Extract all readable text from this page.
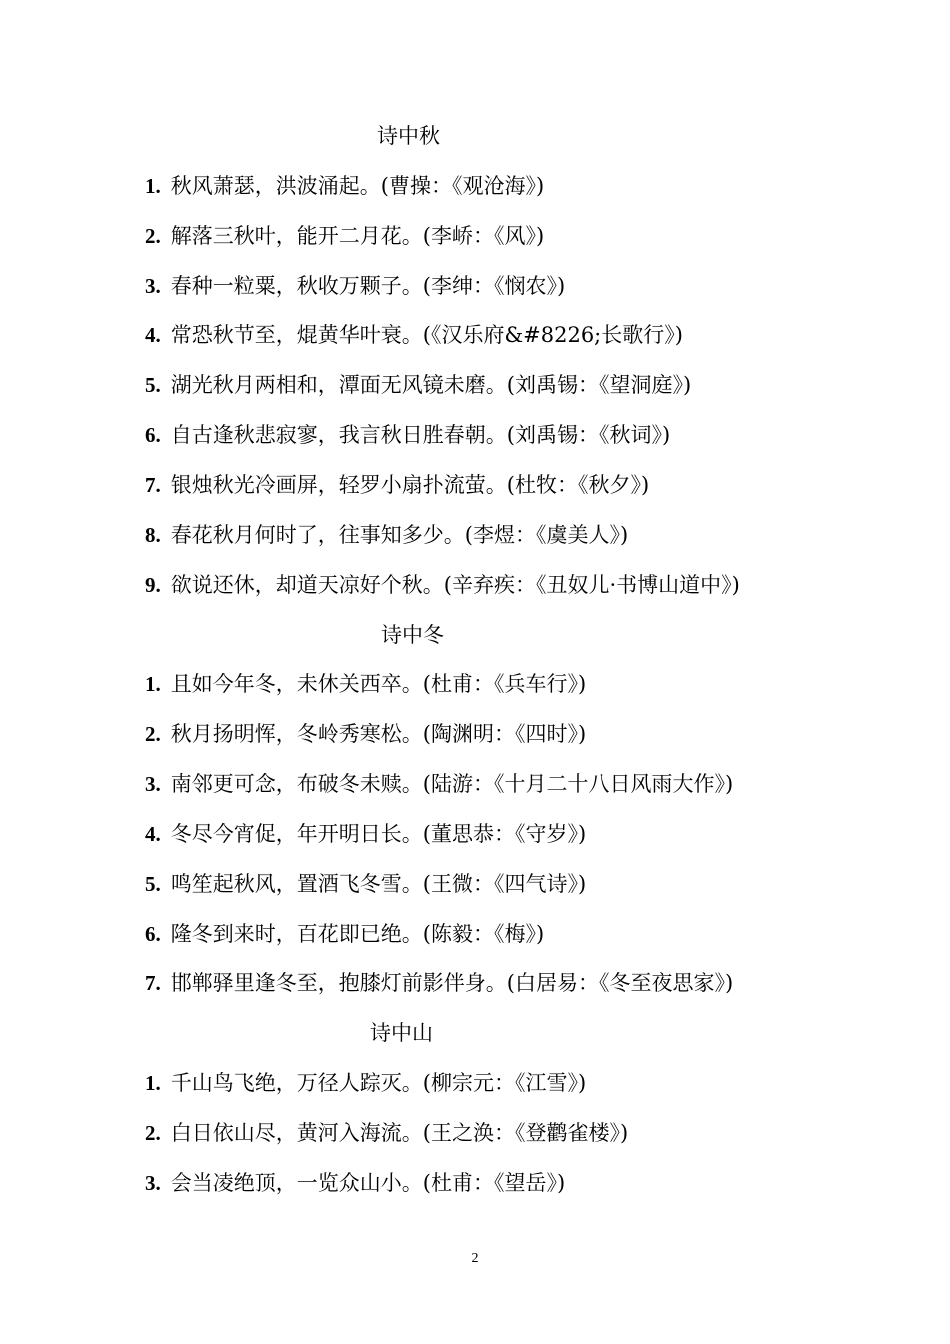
诗中秋
1. 秋风萧瑟，洪波涌起。(曹操：《观沧海》)
2. 解落三秋叶，能开二月花。(李峤：《风》)
3. 春种一粒粟，秋收万颗子。(李绅：《悯农》)
4. 常恐秋节至，焜黄华叶衰。(《汉乐府&#8226;长歌行》)
5. 湖光秋月两相和，潭面无风镜未磨。(刘禹锡：《望洞庭》)
6. 自古逢秋悲寂寥，我言秋日胜春朝。(刘禹锡：《秋词》)
7. 银烛秋光冷画屏，轻罗小扇扑流萤。(杜牧：《秋夕》)
8. 春花秋月何时了，往事知多少。(李煜：《虞美人》)
9. 欲说还休，却道天凉好个秋。(辛弃疾：《丑奴儿·书博山道中》)
诗中冬
1. 且如今年冬，未休关西卒。(杜甫：《兵车行》)
2. 秋月扬明恽，冬岭秀寒松。(陶渊明：《四时》)
3. 南邻更可念，布破冬未赎。(陆游：《十月二十八日风雨大作》)
4. 冬尽今宵促，年开明日长。(董思恭：《守岁》)
5. 鸣笙起秋风，置酒飞冬雪。(王微：《四气诗》)
6. 隆冬到来时，百花即已绝。(陈毅：《梅》)
7. 邯郸驿里逢冬至，抱膝灯前影伴身。(白居易：《冬至夜思家》)
诗中山
1. 千山鸟飞绝，万径人踪灭。(柳宗元：《江雪》)
2. 白日依山尽，黄河入海流。(王之涣：《登鹳雀楼》)
3. 会当凌绝顶，一览众山小。(杜甫：《望岳》)
2
